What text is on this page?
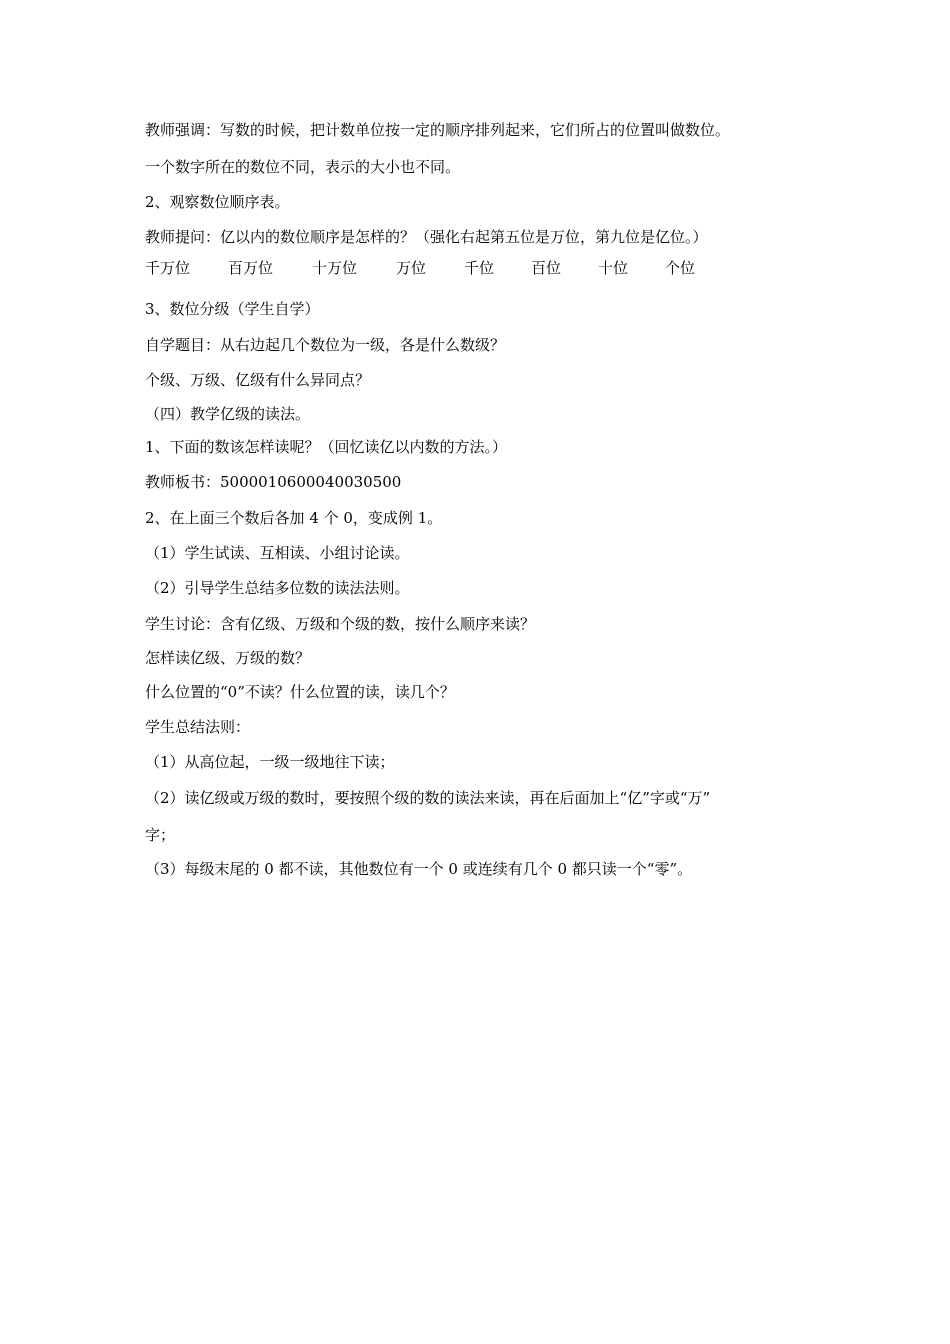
教师强调：写数的时候，把计数单位按一定的顺序排列起来，它们所占的位置叫做数位。
一个数字所在的数位不同，表示的大小也不同。
2、观察数位顺序表。
教师提问：亿以内的数位顺序是怎样的？（强化右起第五位是万位，第九位是亿位。）
千万位	百万位	十万位	万位	千位 百位 十位 个位
3、数位分级（学生自学）
自学题目：从右边起几个数位为一级，各是什么数级？
个级、万级、亿级有什么异同点？
（四）教学亿级的读法。
1、下面的数该怎样读呢？（回忆读亿以内数的方法。）
教师板书：5000010600040030500
2、在上面三个数后各加 4 个 0，变成例 1。
（1）学生试读、互相读、小组讨论读。
（2）引导学生总结多位数的读法法则。
学生讨论：含有亿级、万级和个级的数，按什么顺序来读？
怎样读亿级、万级的数？
什么位置的“0”不读？什么位置的读，读几个？
学生总结法则：
（1）从高位起，一级一级地往下读；
（2）读亿级或万级的数时，要按照个级的数的读法来读，再在后面加上“亿”字或“万”
字；
（3）每级末尾的 0 都不读，其他数位有一个 0 或连续有几个 0 都只读一个“零”。
